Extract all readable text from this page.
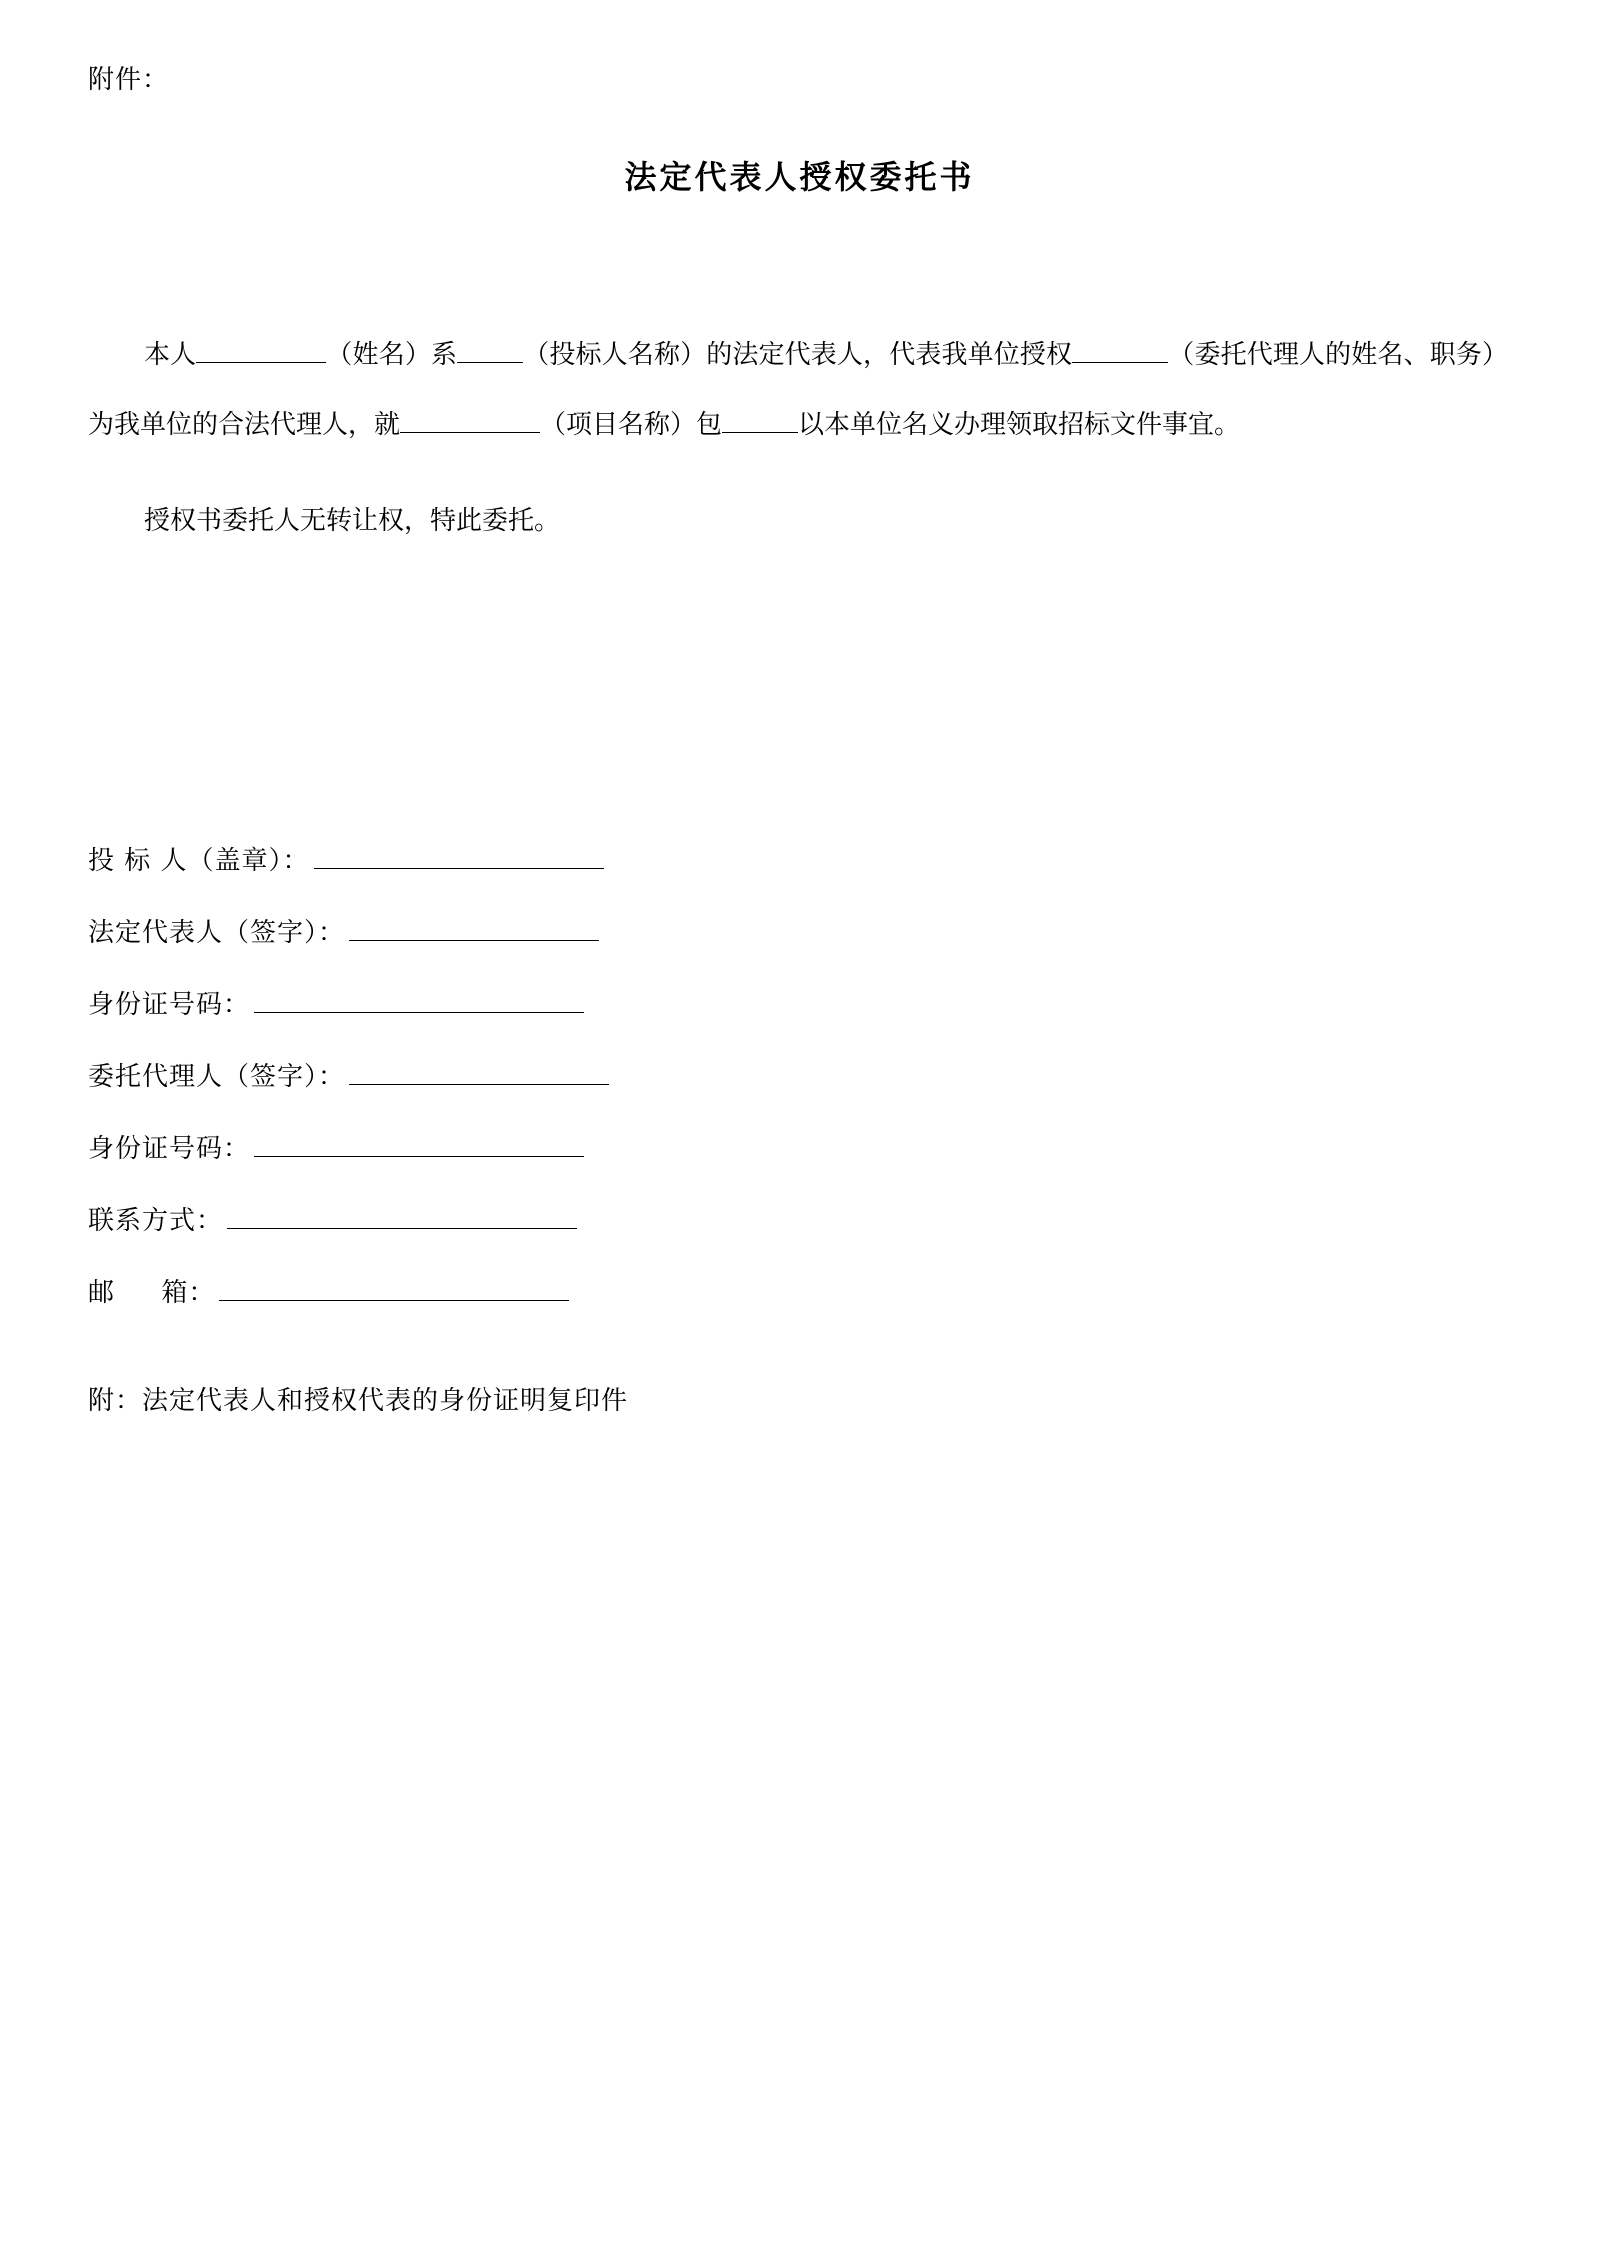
附件：
法定代表人授权委托书

本人	（姓名）系	（投标人名称）的法定代表人，代表我单位授权	（委托代理人的姓名、职务）为我单位的合法代理人，就	（项目名称）包	以本单位名义办理领取招标文件事宜。

授权书委托人无转让权，特此委托。

投 标 人（盖章）：
法定代表人（签字）：
身份证号码：
委托代理人（签字）：
身份证号码：
联系方式：
邮     箱：
附：法定代表人和授权代表的身份证明复印件
